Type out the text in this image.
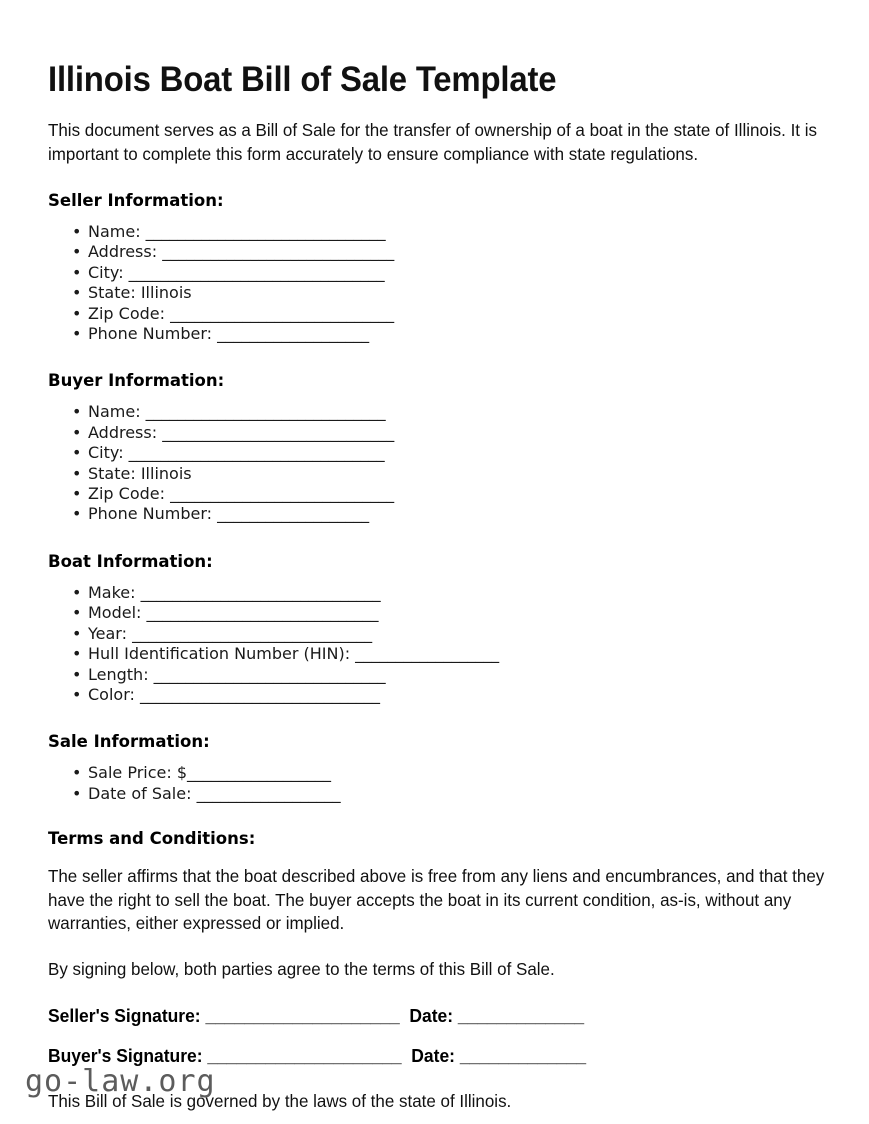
Illinois Boat Bill of Sale Template

This document serves as a Bill of Sale for the transfer of ownership of a boat in the state of Illinois. It is important to complete this form accurately to ensure compliance with state regulations.

Seller Information:
• Name: ______________________________
• Address: _____________________________
• City: ________________________________
• State: Illinois
• Zip Code: ____________________________
• Phone Number: ___________________
Buyer Information:
• Name: ______________________________
• Address: _____________________________
• City: ________________________________
• State: Illinois
• Zip Code: ____________________________
• Phone Number: ___________________
Boat Information:
• Make: ______________________________
• Model: _____________________________
• Year: ______________________________
• Hull Identification Number (HIN): __________________
• Length: _____________________________
• Color: ______________________________
Sale Information:
• Sale Price: $__________________
• Date of Sale: __________________
Terms and Conditions:

The seller affirms that the boat described above is free from any liens and encumbrances, and that they have the right to sell the boat. The buyer accepts the boat in its current condition, as-is, without any warranties, either expressed or implied.

By signing below, both parties agree to the terms of this Bill of Sale.

Seller's Signature: ____________________ Date: _____________
Buyer's Signature: ____________________ Date: _____________

This Bill of Sale is governed by the laws of the state of Illinois.

go-law.org
